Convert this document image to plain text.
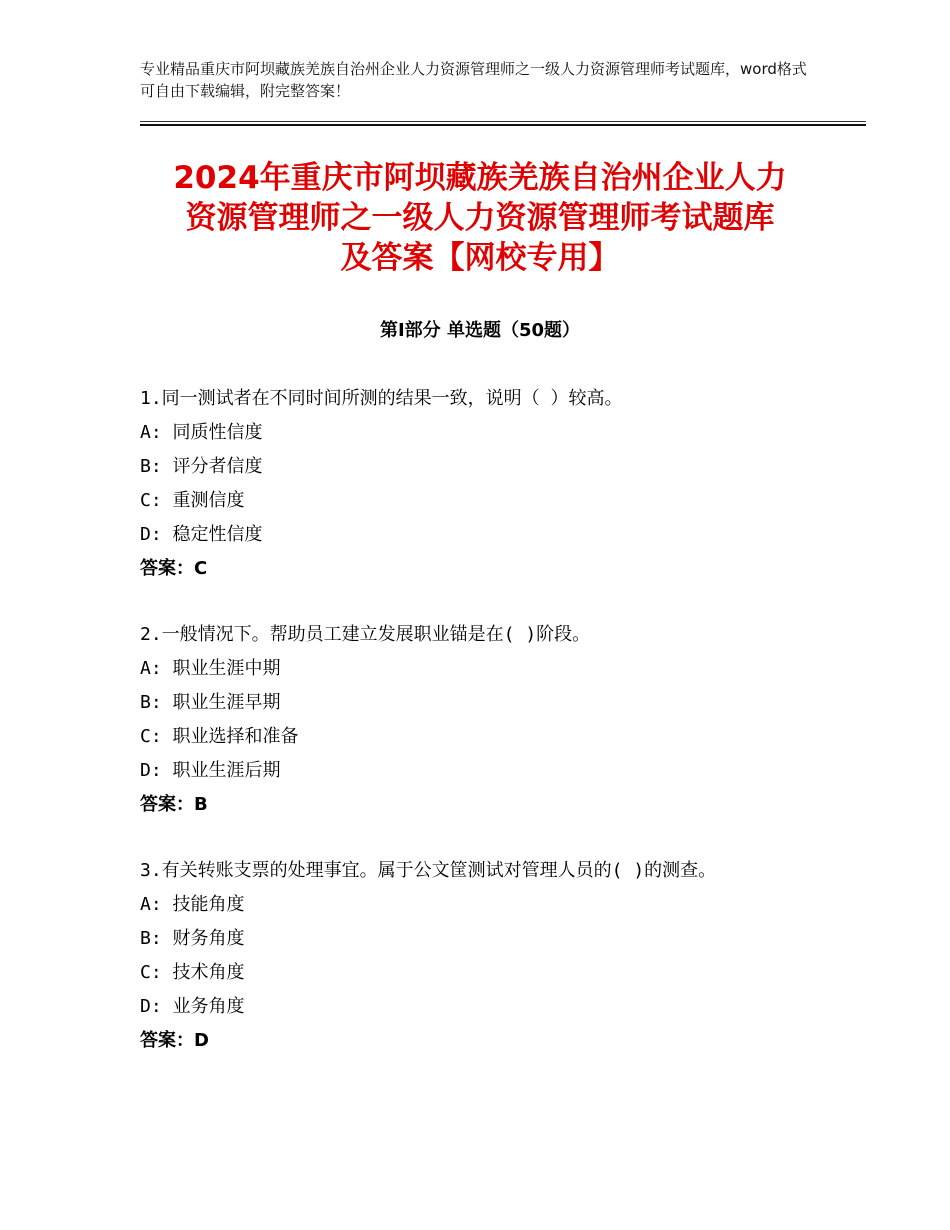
专业精品重庆市阿坝藏族羌族自治州企业人力资源管理师之一级人力资源管理师考试题库，word格式可自由下载编辑，附完整答案！
2024年重庆市阿坝藏族羌族自治州企业人力
资源管理师之一级人力资源管理师考试题库
及答案【网校专用】
第Ⅰ部分 单选题（50题）
1.同一测试者在不同时间所测的结果一致，说明（ ）较高。
A: 同质性信度
B: 评分者信度
C: 重测信度
D: 稳定性信度
答案：C
2.一般情况下。帮助员工建立发展职业锚是在( )阶段。
A: 职业生涯中期
B: 职业生涯早期
C: 职业选择和准备
D: 职业生涯后期
答案：B
3.有关转账支票的处理事宜。属于公文筐测试对管理人员的( )的测查。
A: 技能角度
B: 财务角度
C: 技术角度
D: 业务角度
答案：D
